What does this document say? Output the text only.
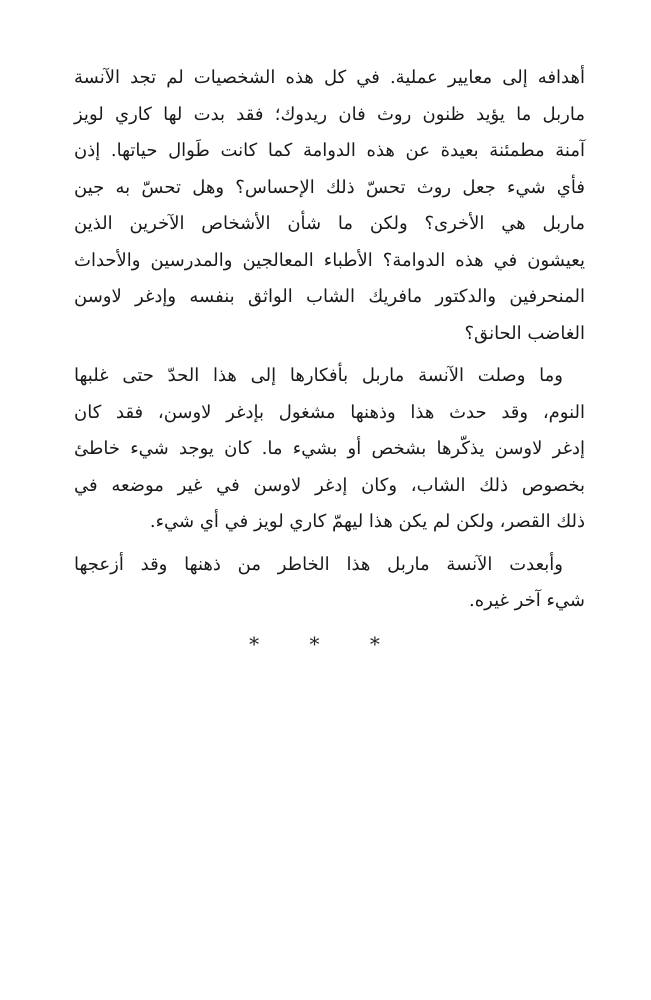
أهدافه إلى معايير عملية. في كل هذه الشخصيات لم تجد الآنسة
ماربل ما يؤيد ظنون روث فان ريدوك؛ فقد بدت لها كاري لويز
آمنة مطمئنة بعيدة عن هذه الدوامة كما كانت طَوال حياتها. إذن
فأي شيء جعل روث تحسّ ذلك الإحساس؟ وهل تحسّ به جين
ماربل هي الأخرى؟ ولكن ما شأن الأشخاص الآخرين الذين
يعيشون في هذه الدوامة؟ الأطباء المعالجين والمدرسين والأحداث
المنحرفين والدكتور مافريك الشاب الواثق بنفسه وإدغر لاوسن
الغاضب الحانق؟
وما وصلت الآنسة ماربل بأفكارها إلى هذا الحدّ حتى غلبها
النوم، وقد حدث هذا وذهنها مشغول بإدغر لاوسن، فقد كان
إدغر لاوسن يذكّرها بشخص أو بشيء ما. كان يوجد شيء خاطئ
بخصوص ذلك الشاب، وكان إدغر لاوسن في غير موضعه في
ذلك القصر، ولكن لم يكن هذا ليهمّ كاري لويز في أي شيء.
وأبعدت الآنسة ماربل هذا الخاطر من ذهنها وقد أزعجها
شيء آخر غيره.
* * *
